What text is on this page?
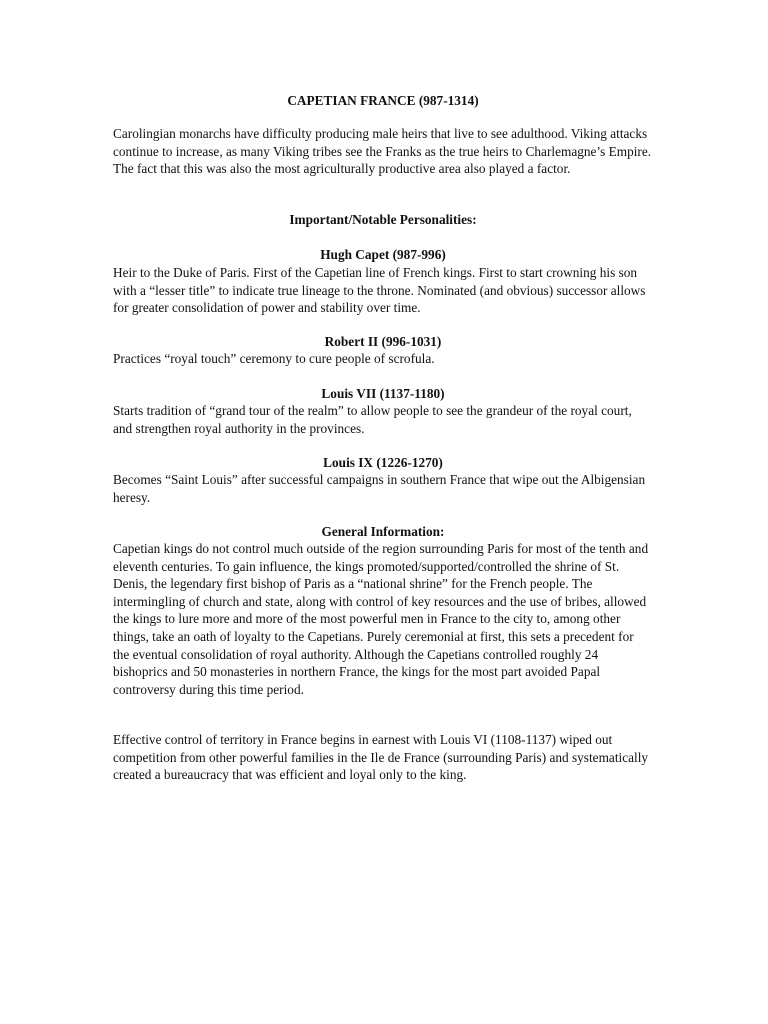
CAPETIAN FRANCE (987-1314)

Carolingian monarchs have difficulty producing male heirs that live to see adulthood. Viking attacks continue to increase, as many Viking tribes see the Franks as the true heirs to Charlemagne’s Empire. The fact that this was also the most agriculturally productive area also played a factor.

Important/Notable Personalities:
Hugh Capet (987-996)

Heir to the Duke of Paris. First of the Capetian line of French kings. First to start crowning his son with a “lesser title” to indicate true lineage to the throne. Nominated (and obvious) successor allows for greater consolidation of power and stability over time.

Robert II (996-1031)

Practices “royal touch” ceremony to cure people of scrofula.

Louis VII (1137-1180)

Starts tradition of “grand tour of the realm” to allow people to see the grandeur of the royal court, and strengthen royal authority in the provinces.

Louis IX (1226-1270)

Becomes “Saint Louis” after successful campaigns in southern France that wipe out the Albigensian heresy.

General Information:

Capetian kings do not control much outside of the region surrounding Paris for most of the tenth and eleventh centuries. To gain influence, the kings promoted/supported/controlled the shrine of St. Denis, the legendary first bishop of Paris as a “national shrine” for the French people. The intermingling of church and state, along with control of key resources and the use of bribes, allowed the kings to lure more and more of the most powerful men in France to the city to, among other things, take an oath of loyalty to the Capetians. Purely ceremonial at first, this sets a precedent for the eventual consolidation of royal authority. Although the Capetians controlled roughly 24 bishoprics and 50 monasteries in northern France, the kings for the most part avoided Papal controversy during this time period.

Effective control of territory in France begins in earnest with Louis VI (1108-1137) wiped out competition from other powerful families in the Ile de France (surrounding Paris) and systematically created a bureaucracy that was efficient and loyal only to the king.
